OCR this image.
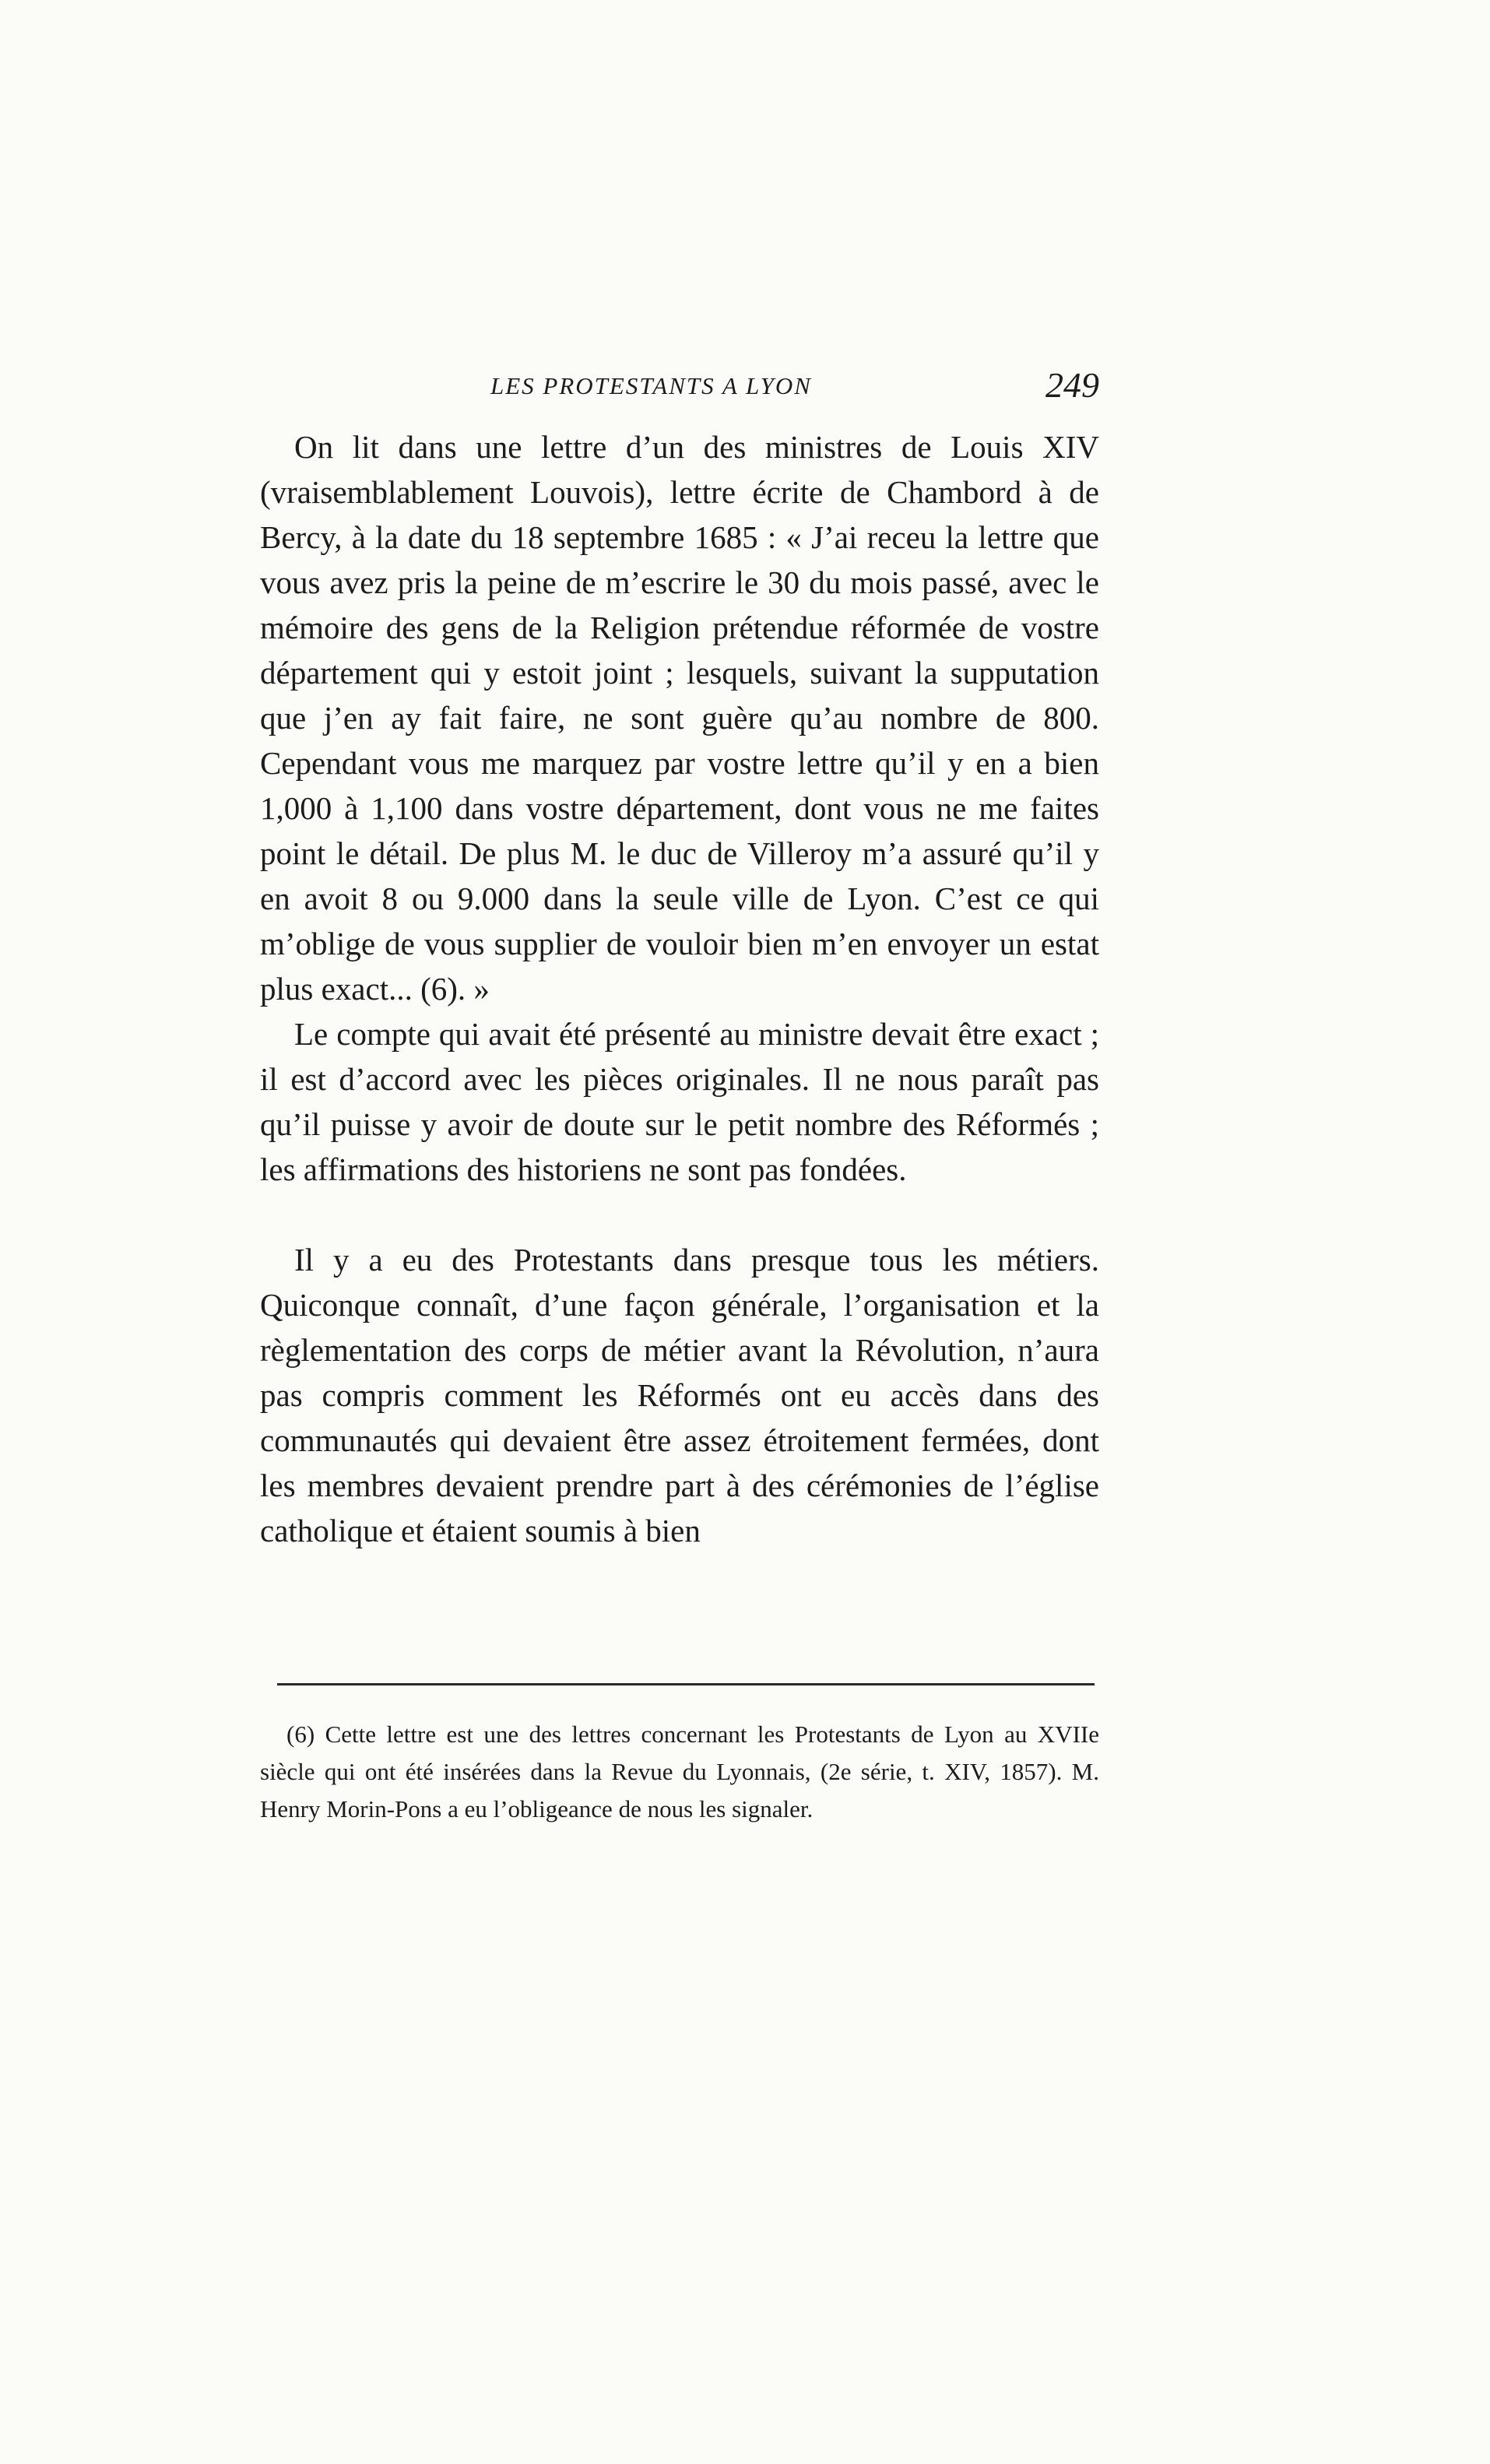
LES PROTESTANTS A LYON	249

On lit dans une lettre d’un des ministres de Louis XIV (vraisemblablement Louvois), lettre écrite de Chambord à de Bercy, à la date du 18 septembre 1685 : « J’ai receu la lettre que vous avez pris la peine de m’escrire le 30 du mois passé, avec le mémoire des gens de la Religion prétendue réformée de vostre département qui y estoit joint ; lesquels, suivant la supputation que j’en ay fait faire, ne sont guère qu’au nombre de 800. Cependant vous me marquez par vostre lettre qu’il y en a bien 1,000 à 1,100 dans vostre département, dont vous ne me faites point le détail. De plus M. le duc de Villeroy m’a assuré qu’il y en avoit 8 ou 9.000 dans la seule ville de Lyon. C’est ce qui m’oblige de vous supplier de vouloir bien m’en envoyer un estat plus exact... (6). »

Le compte qui avait été présenté au ministre devait être exact ; il est d’accord avec les pièces originales. Il ne nous paraît pas qu’il puisse y avoir de doute sur le petit nombre des Réformés ; les affirmations des historiens ne sont pas fondées.

Il y a eu des Protestants dans presque tous les métiers. Quiconque connaît, d’une façon générale, l’organisation et la règlementation des corps de métier avant la Révolution, n’aura pas compris comment les Réformés ont eu accès dans des communautés qui devaient être assez étroitement fermées, dont les membres devaient prendre part à des cérémonies de l’église catholique et étaient soumis à bien

(6) Cette lettre est une des lettres concernant les Protestants de Lyon au XVIIe siècle qui ont été insérées dans la Revue du Lyonnais, (2e série, t. XIV, 1857). M. Henry Morin-Pons a eu l’obligeance de nous les signaler.
